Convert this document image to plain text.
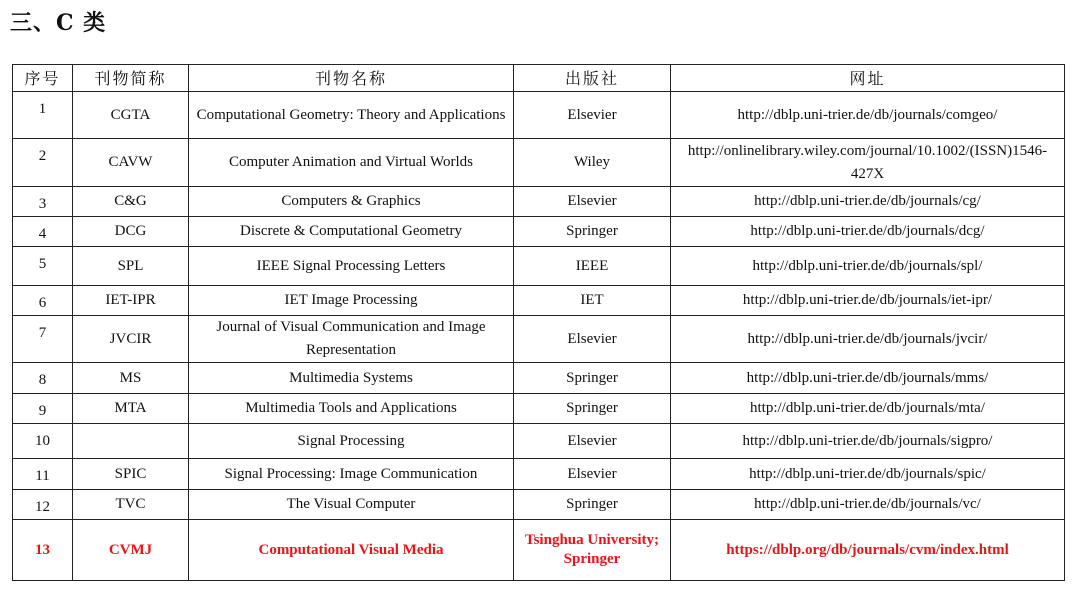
三、C 类
序号	刊物简称	刊物名称	出版社	网址
1	CGTA	Computational Geometry: Theory and Applications	Elsevier	http://dblp.uni-trier.de/db/journals/comgeo/
2	CAVW	Computer Animation and Virtual Worlds	Wiley	http://onlinelibrary.wiley.com/journal/10.1002/(ISSN)1546-427X
3	C&G	Computers & Graphics	Elsevier	http://dblp.uni-trier.de/db/journals/cg/
4	DCG	Discrete & Computational Geometry	Springer	http://dblp.uni-trier.de/db/journals/dcg/
5	SPL	IEEE Signal Processing Letters	IEEE	http://dblp.uni-trier.de/db/journals/spl/
6	IET-IPR	IET Image Processing	IET	http://dblp.uni-trier.de/db/journals/iet-ipr/
7	JVCIR	Journal of Visual Communication and Image Representation	Elsevier	http://dblp.uni-trier.de/db/journals/jvcir/
8	MS	Multimedia Systems	Springer	http://dblp.uni-trier.de/db/journals/mms/
9	MTA	Multimedia Tools and Applications	Springer	http://dblp.uni-trier.de/db/journals/mta/
10		Signal Processing	Elsevier	http://dblp.uni-trier.de/db/journals/sigpro/
11	SPIC	Signal Processing: Image Communication	Elsevier	http://dblp.uni-trier.de/db/journals/spic/
12	TVC	The Visual Computer	Springer	http://dblp.uni-trier.de/db/journals/vc/
13	CVMJ	Computational Visual Media	Tsinghua University; Springer	https://dblp.org/db/journals/cvm/index.html
